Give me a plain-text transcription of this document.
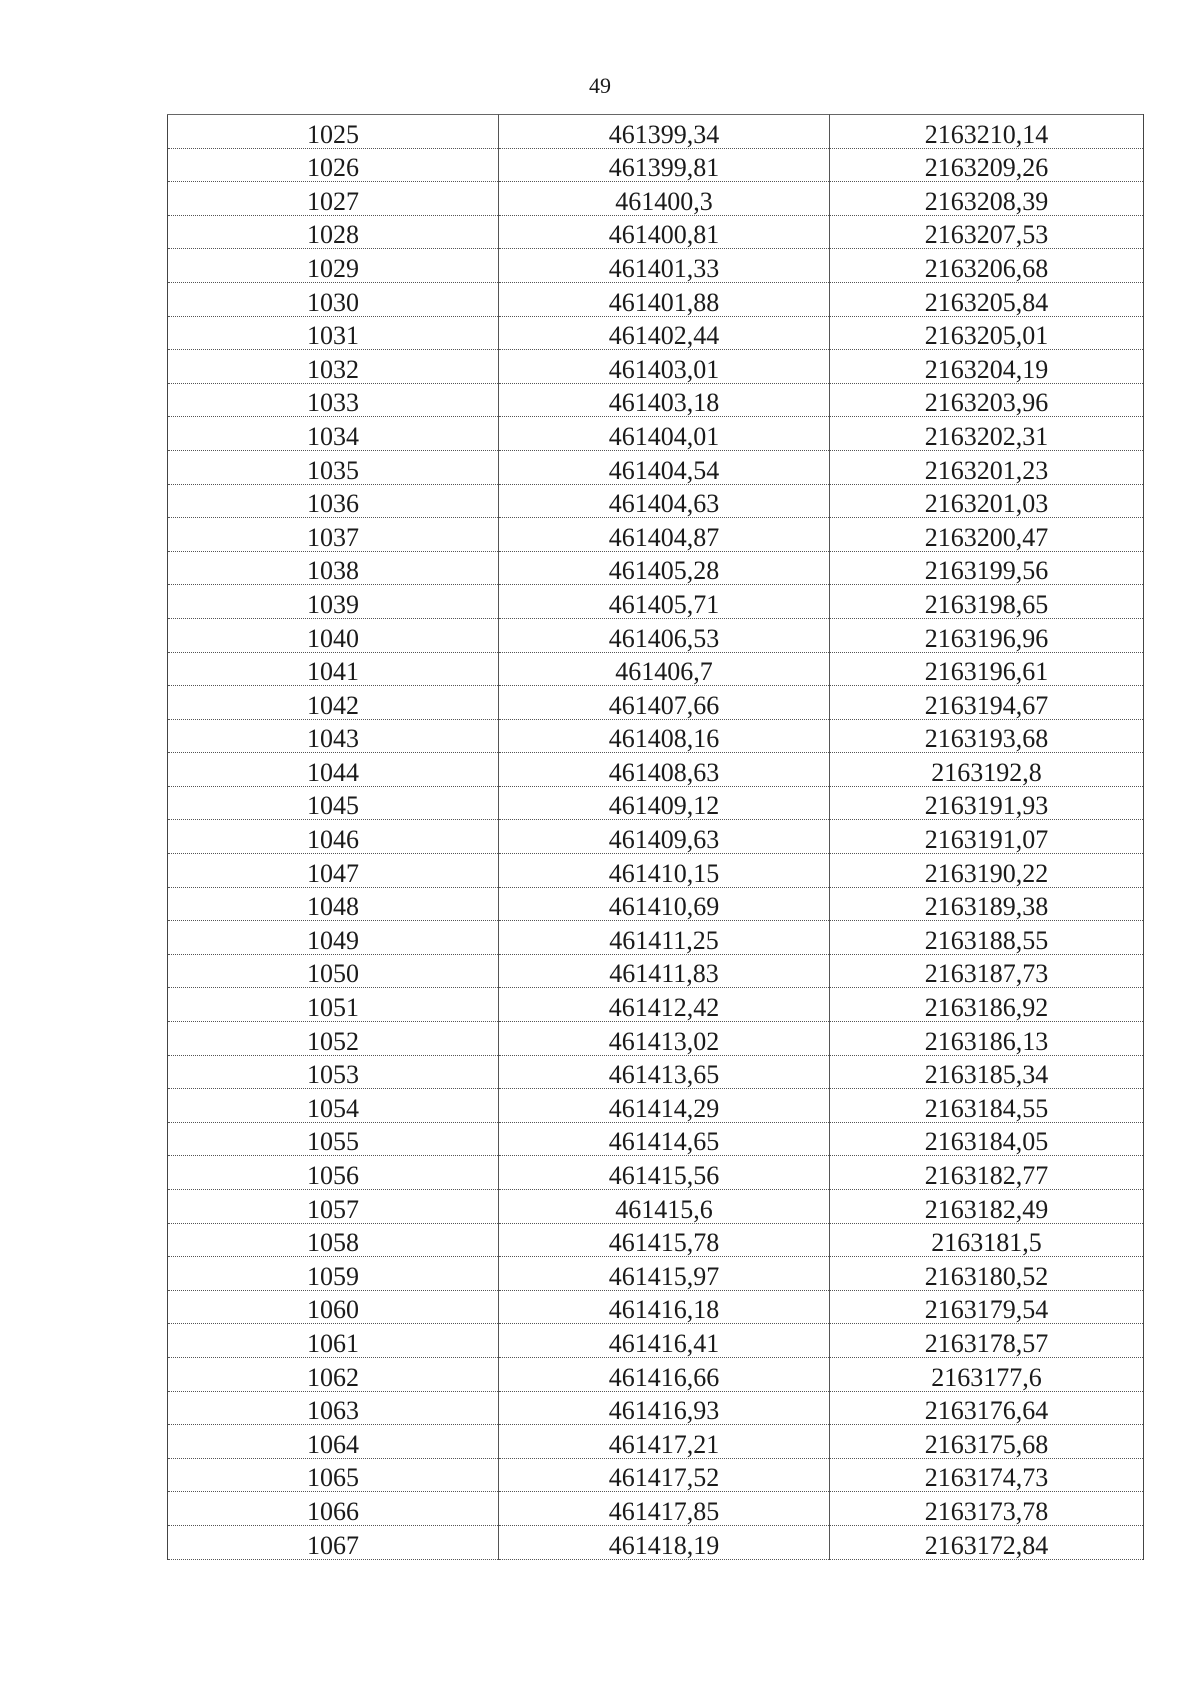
49
1025	461399,34	2163210,14
1026	461399,81	2163209,26
1027	461400,3	2163208,39
1028	461400,81	2163207,53
1029	461401,33	2163206,68
1030	461401,88	2163205,84
1031	461402,44	2163205,01
1032	461403,01	2163204,19
1033	461403,18	2163203,96
1034	461404,01	2163202,31
1035	461404,54	2163201,23
1036	461404,63	2163201,03
1037	461404,87	2163200,47
1038	461405,28	2163199,56
1039	461405,71	2163198,65
1040	461406,53	2163196,96
1041	461406,7	2163196,61
1042	461407,66	2163194,67
1043	461408,16	2163193,68
1044	461408,63	2163192,8
1045	461409,12	2163191,93
1046	461409,63	2163191,07
1047	461410,15	2163190,22
1048	461410,69	2163189,38
1049	461411,25	2163188,55
1050	461411,83	2163187,73
1051	461412,42	2163186,92
1052	461413,02	2163186,13
1053	461413,65	2163185,34
1054	461414,29	2163184,55
1055	461414,65	2163184,05
1056	461415,56	2163182,77
1057	461415,6	2163182,49
1058	461415,78	2163181,5
1059	461415,97	2163180,52
1060	461416,18	2163179,54
1061	461416,41	2163178,57
1062	461416,66	2163177,6
1063	461416,93	2163176,64
1064	461417,21	2163175,68
1065	461417,52	2163174,73
1066	461417,85	2163173,78
1067	461418,19	2163172,84
